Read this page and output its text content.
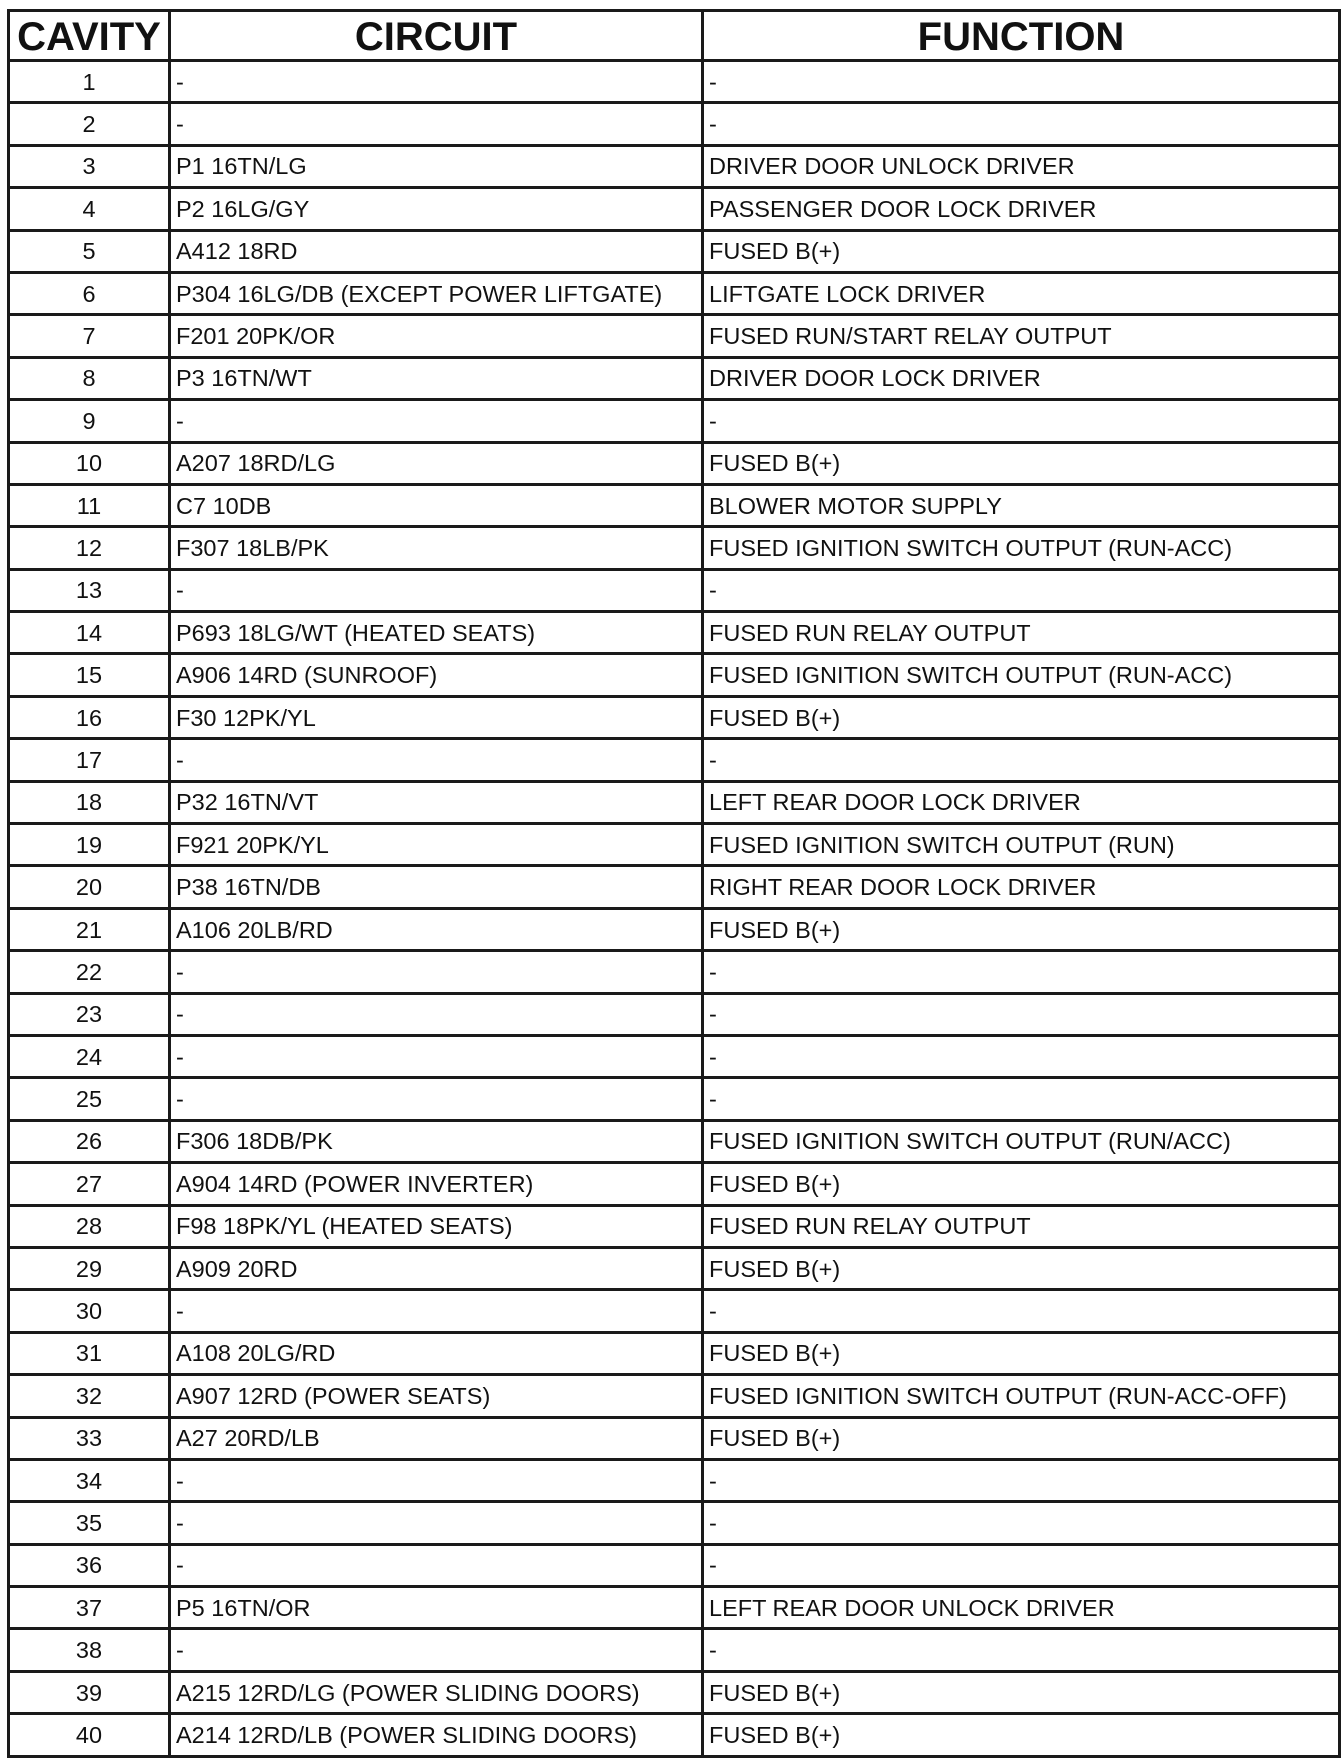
CAVITY	CIRCUIT	FUNCTION
1	-	-
2	-	-
3	P1 16TN/LG	DRIVER DOOR UNLOCK DRIVER
4	P2 16LG/GY	PASSENGER DOOR LOCK DRIVER
5	A412 18RD	FUSED B(+)
6	P304 16LG/DB (EXCEPT POWER LIFTGATE)	LIFTGATE LOCK DRIVER
7	F201 20PK/OR	FUSED RUN/START RELAY OUTPUT
8	P3 16TN/WT	DRIVER DOOR LOCK DRIVER
9	-	-
10	A207 18RD/LG	FUSED B(+)
11	C7 10DB	BLOWER MOTOR SUPPLY
12	F307 18LB/PK	FUSED IGNITION SWITCH OUTPUT (RUN-ACC)
13	-	-
14	P693 18LG/WT (HEATED SEATS)	FUSED RUN RELAY OUTPUT
15	A906 14RD (SUNROOF)	FUSED IGNITION SWITCH OUTPUT (RUN-ACC)
16	F30 12PK/YL	FUSED B(+)
17	-	-
18	P32 16TN/VT	LEFT REAR DOOR LOCK DRIVER
19	F921 20PK/YL	FUSED IGNITION SWITCH OUTPUT (RUN)
20	P38 16TN/DB	RIGHT REAR DOOR LOCK DRIVER
21	A106 20LB/RD	FUSED B(+)
22	-	-
23	-	-
24	-	-
25	-	-
26	F306 18DB/PK	FUSED IGNITION SWITCH OUTPUT (RUN/ACC)
27	A904 14RD (POWER INVERTER)	FUSED B(+)
28	F98 18PK/YL (HEATED SEATS)	FUSED RUN RELAY OUTPUT
29	A909 20RD	FUSED B(+)
30	-	-
31	A108 20LG/RD	FUSED B(+)
32	A907 12RD (POWER SEATS)	FUSED IGNITION SWITCH OUTPUT (RUN-ACC-OFF)
33	A27 20RD/LB	FUSED B(+)
34	-	-
35	-	-
36	-	-
37	P5 16TN/OR	LEFT REAR DOOR UNLOCK DRIVER
38	-	-
39	A215 12RD/LG (POWER SLIDING DOORS)	FUSED B(+)
40	A214 12RD/LB (POWER SLIDING DOORS)	FUSED B(+)
